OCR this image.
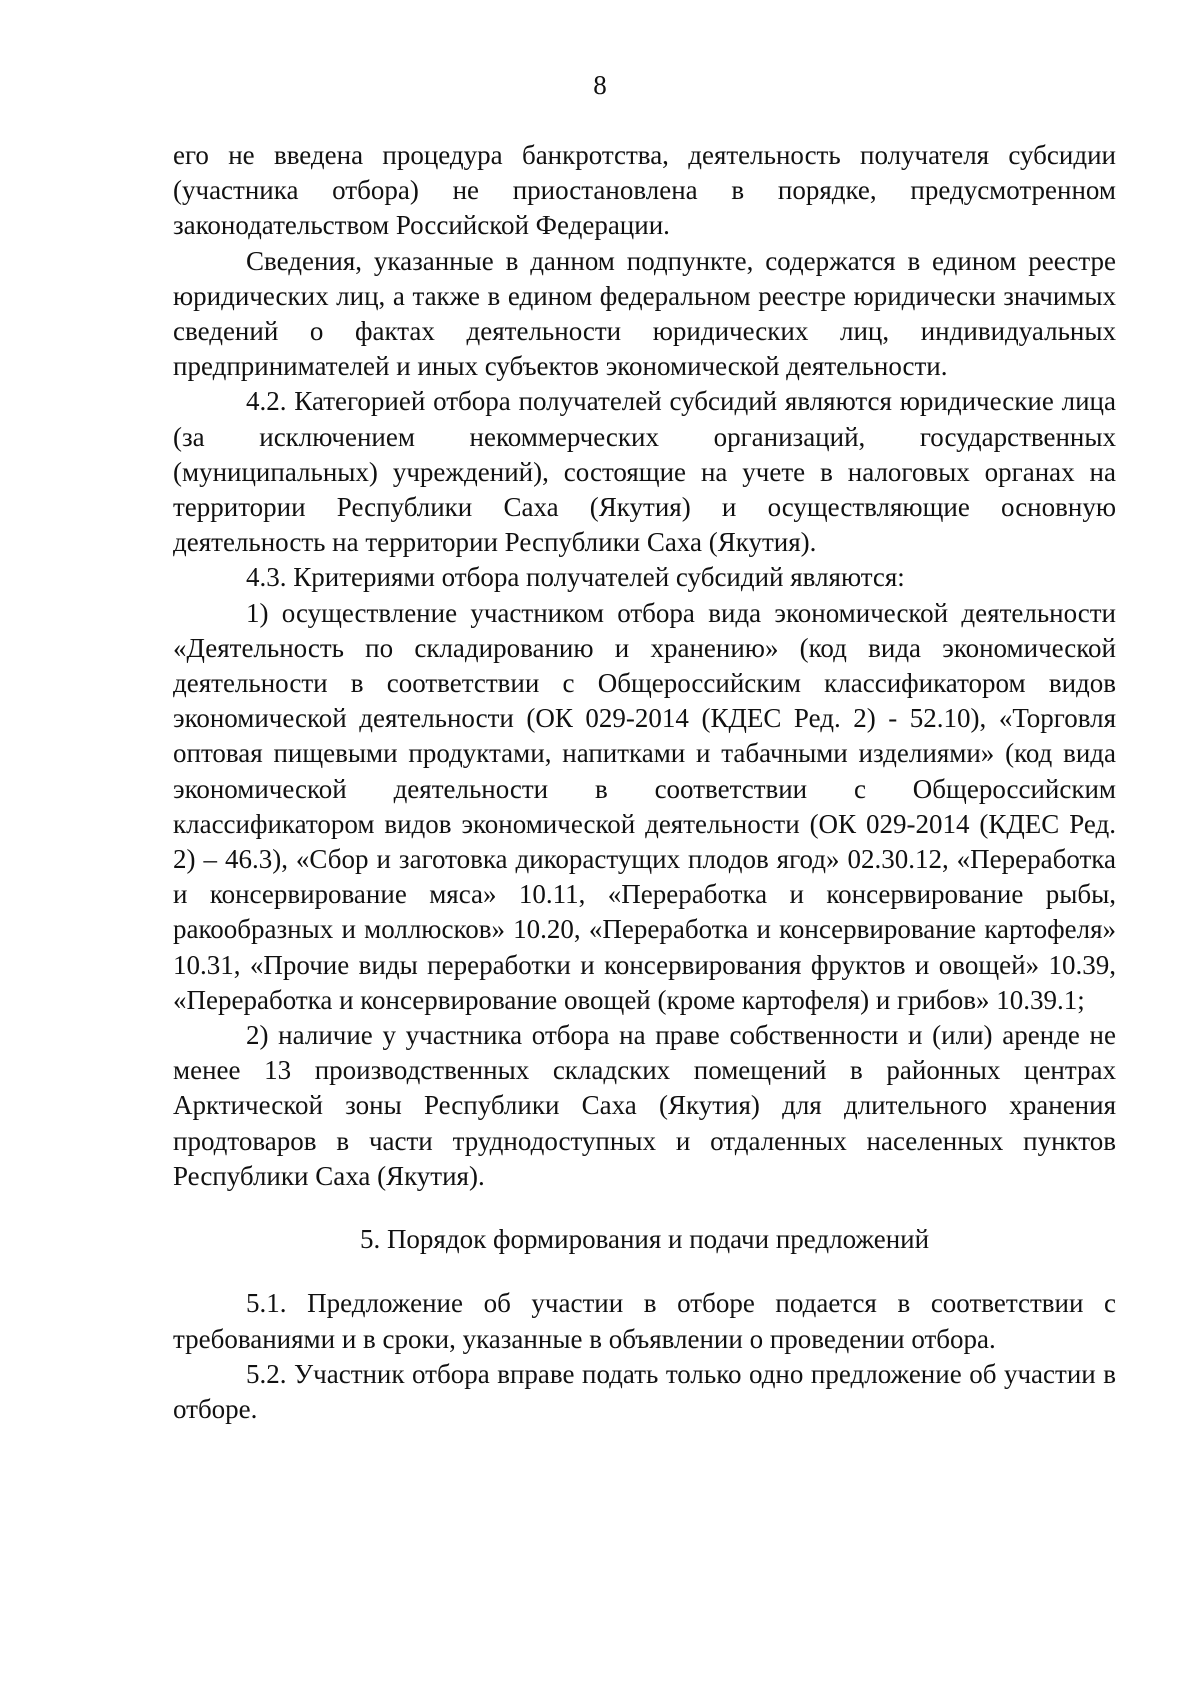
8

его не введена процедура банкротства, деятельность получателя субсидии (участника отбора) не приостановлена в порядке, предусмотренном законодательством Российской Федерации.

Сведения, указанные в данном подпункте, содержатся в едином реестре юридических лиц, а также в едином федеральном реестре юридически значимых сведений о фактах деятельности юридических лиц, индивидуальных предпринимателей и иных субъектов экономической деятельности.

4.2. Категорией отбора получателей субсидий являются юридические лица (за исключением некоммерческих организаций, государственных (муниципальных) учреждений), состоящие на учете в налоговых органах на территории Республики Саха (Якутия) и осуществляющие основную деятельность на территории Республики Саха (Якутия).

4.3. Критериями отбора получателей субсидий являются:

1) осуществление участником отбора вида экономической деятельности «Деятельность по складированию и хранению» (код вида экономической деятельности в соответствии с Общероссийским классификатором видов экономической деятельности (ОК 029-2014 (КДЕС Ред. 2) - 52.10), «Торговля оптовая пищевыми продуктами, напитками и табачными изделиями» (код вида экономической деятельности в соответствии с Общероссийским классификатором видов экономической деятельности (ОК 029-2014 (КДЕС Ред. 2) – 46.3), «Сбор и заготовка дикорастущих плодов ягод» 02.30.12, «Переработка и консервирование мяса» 10.11, «Переработка и консервирование рыбы, ракообразных и моллюсков» 10.20, «Переработка и консервирование картофеля» 10.31, «Прочие виды переработки и консервирования фруктов и овощей» 10.39, «Переработка и консервирование овощей (кроме картофеля) и грибов» 10.39.1;

2) наличие у участника отбора на праве собственности и (или) аренде не менее 13 производственных складских помещений в районных центрах Арктической зоны Республики Саха (Якутия) для длительного хранения продтоваров в части труднодоступных и отдаленных населенных пунктов Республики Саха (Якутия).

5. Порядок формирования и подачи предложений

5.1. Предложение об участии в отборе подается в соответствии с требованиями и в сроки, указанные в объявлении о проведении отбора.

5.2. Участник отбора вправе подать только одно предложение об участии в отборе.
